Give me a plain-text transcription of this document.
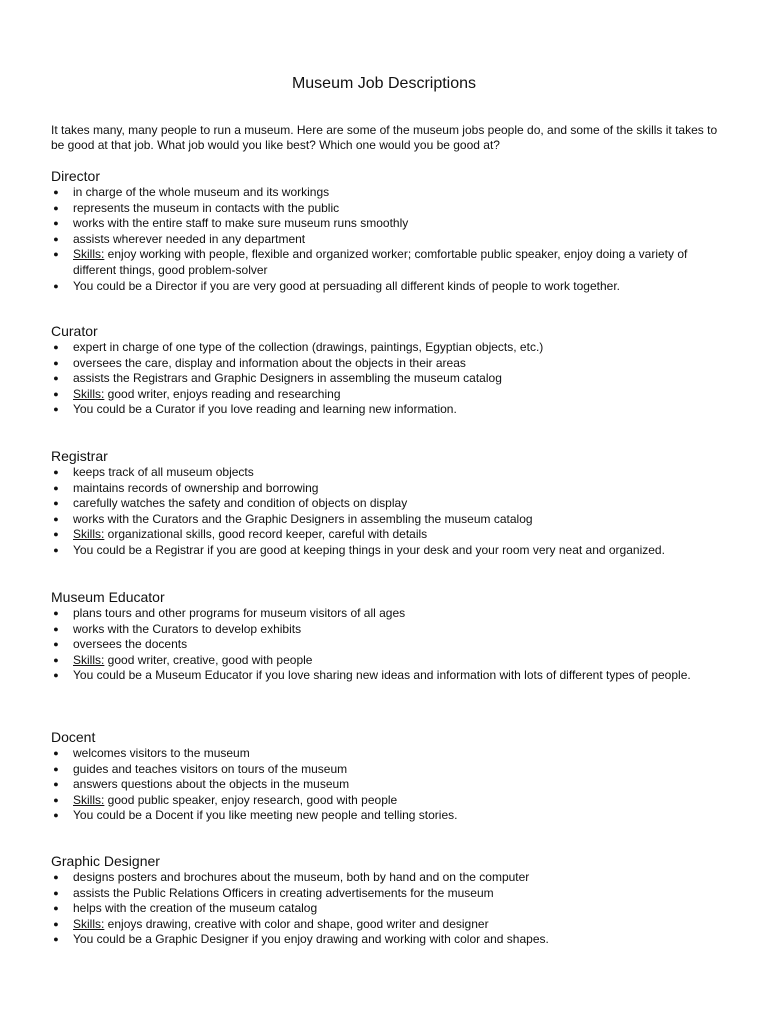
Museum Job Descriptions

It takes many, many people to run a museum. Here are some of the museum jobs people do, and some of the skills it takes to be good at that job. What job would you like best? Which one would you be good at?

Director
● in charge of the whole museum and its workings
● represents the museum in contacts with the public
● works with the entire staff to make sure museum runs smoothly
● assists wherever needed in any department
● Skills: enjoy working with people, flexible and organized worker; comfortable public speaker, enjoy doing a variety of different things, good problem-solver
● You could be a Director if you are very good at persuading all different kinds of people to work together.
Curator
● expert in charge of one type of the collection (drawings, paintings, Egyptian objects, etc.)
● oversees the care, display and information about the objects in their areas
● assists the Registrars and Graphic Designers in assembling the museum catalog
● Skills: good writer, enjoys reading and researching
● You could be a Curator if you love reading and learning new information.
Registrar
● keeps track of all museum objects
● maintains records of ownership and borrowing
● carefully watches the safety and condition of objects on display
● works with the Curators and the Graphic Designers in assembling the museum catalog
● Skills: organizational skills, good record keeper, careful with details
● You could be a Registrar if you are good at keeping things in your desk and your room very neat and organized.
Museum Educator
● plans tours and other programs for museum visitors of all ages
● works with the Curators to develop exhibits
● oversees the docents
● Skills: good writer, creative, good with people
● You could be a Museum Educator if you love sharing new ideas and information with lots of different types of people.
Docent
● welcomes visitors to the museum
● guides and teaches visitors on tours of the museum
● answers questions about the objects in the museum
● Skills: good public speaker, enjoy research, good with people
● You could be a Docent if you like meeting new people and telling stories.
Graphic Designer
● designs posters and brochures about the museum, both by hand and on the computer
● assists the Public Relations Officers in creating advertisements for the museum
● helps with the creation of the museum catalog
● Skills: enjoys drawing, creative with color and shape, good writer and designer
● You could be a Graphic Designer if you enjoy drawing and working with color and shapes.
